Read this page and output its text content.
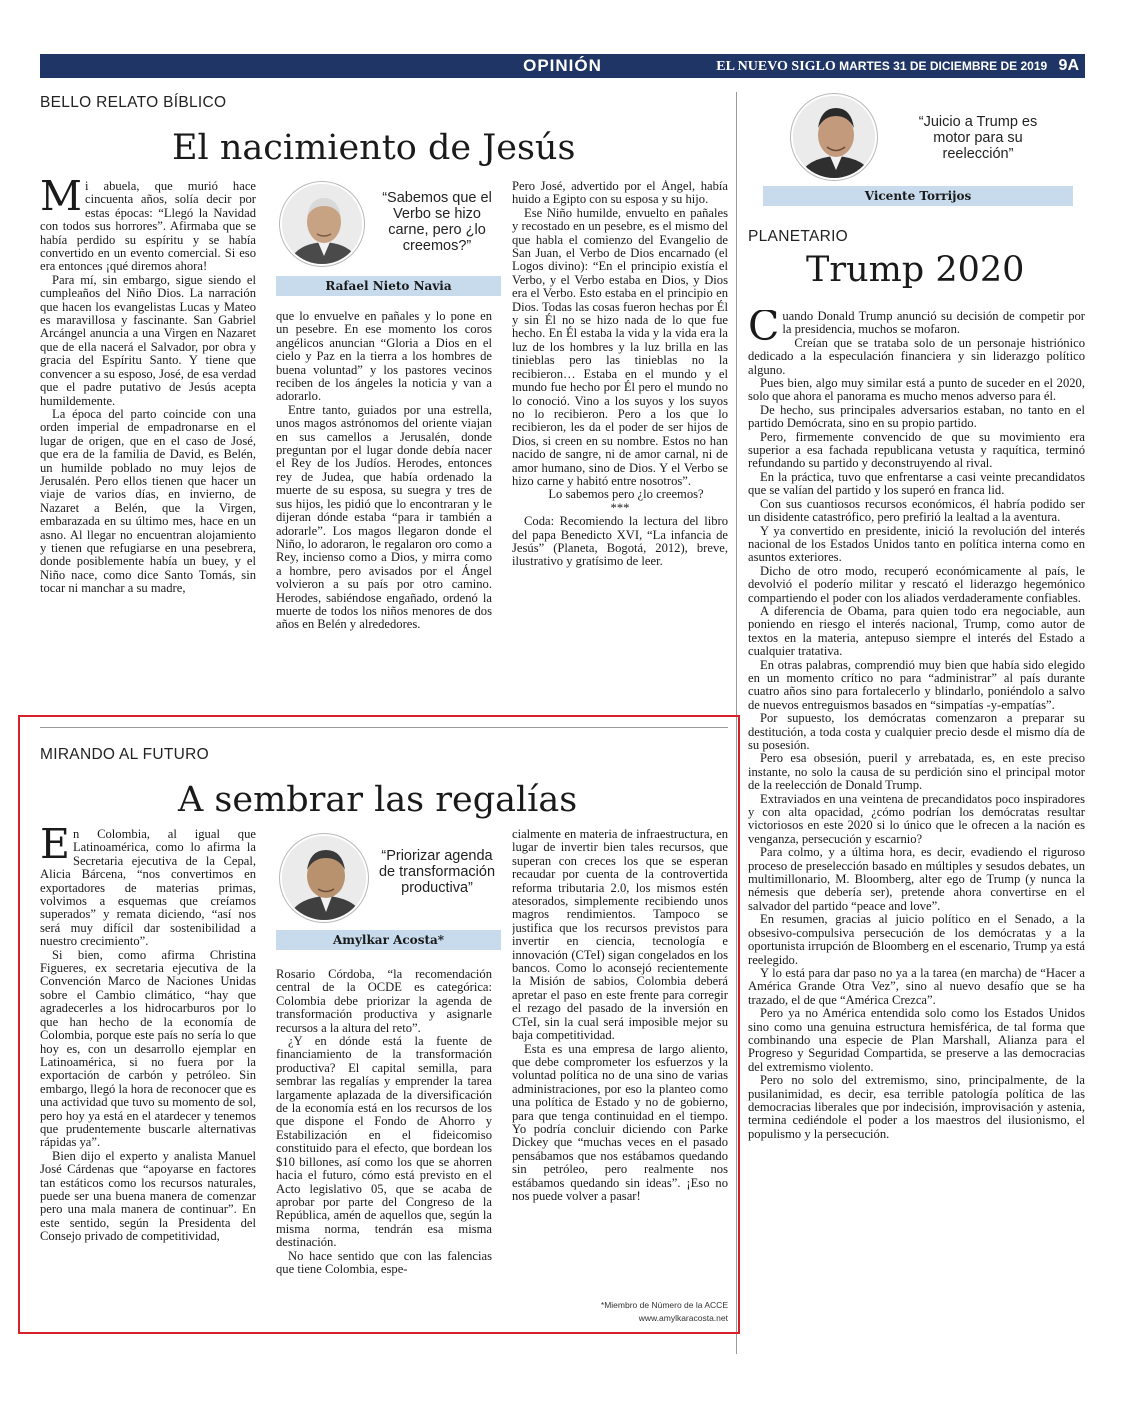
OPINIÓN	EL NUEVO SIGLO MARTES 31 DE DICIEMBRE DE 2019 9A
BELLO RELATO BÍBLICO
El nacimiento de Jesús

Mi abuela, que murió hace cincuenta años, solía decir por estas épocas: “Llegó la Navidad con todos sus horrores”. Afirmaba que se había perdido su espíritu y se había convertido en un evento comercial. Si eso era entonces ¡qué diremos ahora!

Para mí, sin embargo, sigue siendo el cumpleaños del Niño Dios. La narración que hacen los evangelistas Lucas y Mateo es maravillosa y fascinante. San Gabriel Arcángel anuncia a una Virgen en Nazaret que de ella nacerá el Salvador, por obra y gracia del Espíritu Santo. Y tiene que convencer a su esposo, José, de esa verdad que el padre putativo de Jesús acepta humildemente.

La época del parto coincide con una orden imperial de empadronarse en el lugar de origen, que en el caso de José, que era de la familia de David, es Belén, un humilde poblado no muy lejos de Jerusalén. Pero ellos tienen que hacer un viaje de varios días, en invierno, de Nazaret a Belén, que la Virgen, embarazada en su último mes, hace en un asno. Al llegar no encuentran alojamiento y tienen que refugiarse en una pesebrera, donde posiblemente había un buey, y el Niño nace, como dice Santo Tomás, sin tocar ni manchar a su madre,

“Sabemos que el Verbo se hizo carne, pero ¿lo creemos?”
Rafael Nieto Navia

que lo envuelve en pañales y lo pone en un pesebre. En ese momento los coros angélicos anuncian “Gloria a Dios en el cielo y Paz en la tierra a los hombres de buena voluntad” y los pastores vecinos reciben de los ángeles la noticia y van a adorarlo.

Entre tanto, guiados por una estrella, unos magos astrónomos del oriente viajan en sus camellos a Jerusalén, donde preguntan por el lugar donde debía nacer el Rey de los Judíos. Herodes, entonces rey de Judea, que había ordenado la muerte de su esposa, su suegra y tres de sus hijos, les pidió que lo encontraran y le dijeran dónde estaba “para ir también a adorarle”. Los magos llegaron donde el Niño, lo adoraron, le regalaron oro como a Rey, incienso como a Dios, y mirra como a hombre, pero avisados por el Ángel volvieron a su país por otro camino. Herodes, sabiéndose engañado, ordenó la muerte de todos los niños menores de dos años en Belén y alrededores.

Pero José, advertido por el Ángel, había huido a Egipto con su esposa y su hijo.

Ese Niño humilde, envuelto en pañales y recostado en un pesebre, es el mismo del que habla el comienzo del Evangelio de San Juan, el Verbo de Dios encarnado (el Logos divino): “En el principio existía el Verbo, y el Verbo estaba en Dios, y Dios era el Verbo. Esto estaba en el principio en Dios. Todas las cosas fueron hechas por Él y sin Él no se hizo nada de lo que fue hecho. En Él estaba la vida y la vida era la luz de los hombres y la luz brilla en las tinieblas pero las tinieblas no la recibieron… Estaba en el mundo y el mundo fue hecho por Él pero el mundo no lo conoció. Vino a los suyos y los suyos no lo recibieron. Pero a los que lo recibieron, les da el poder de ser hijos de Dios, si creen en su nombre. Estos no han nacido de sangre, ni de amor carnal, ni de amor humano, sino de Dios. Y el Verbo se hizo carne y habitó entre nosotros”.

Lo sabemos pero ¿lo creemos?

***

Coda: Recomiendo la lectura del libro del papa Benedicto XVI, “La infancia de Jesús” (Planeta, Bogotá, 2012), breve, ilustrativo y gratísimo de leer.

MIRANDO AL FUTURO
A sembrar las regalías

En Colombia, al igual que Latinoamérica, como lo afirma la Secretaria ejecutiva de la Cepal, Alicia Bárcena, “nos convertimos en exportadores de materias primas, volvimos a esquemas que creíamos superados” y remata diciendo, “así nos será muy difícil dar sostenibilidad a nuestro crecimiento”.

Si bien, como afirma Christina Figueres, ex secretaria ejecutiva de la Convención Marco de Naciones Unidas sobre el Cambio climático, “hay que agradecerles a los hidrocarburos por lo que han hecho de la economía de Colombia, porque este país no sería lo que hoy es, con un desarrollo ejemplar en Latinoamérica, si no fuera por la exportación de carbón y petróleo. Sin embargo, llegó la hora de reconocer que es una actividad que tuvo su momento de sol, pero hoy ya está en el atardecer y tenemos que prudentemente buscarle alternativas rápidas ya”.

Bien dijo el experto y analista Manuel José Cárdenas que “apoyarse en factores tan estáticos como los recursos naturales, puede ser una buena manera de comenzar pero una mala manera de continuar”. En este sentido, según la Presidenta del Consejo privado de competitividad,

“Priorizar agenda de transformación productiva”
Amylkar Acosta*

Rosario Córdoba, “la recomendación central de la OCDE es categórica: Colombia debe priorizar la agenda de transformación productiva y asignarle recursos a la altura del reto”.

¿Y en dónde está la fuente de financiamiento de la transformación productiva? El capital semilla, para sembrar las regalías y emprender la tarea largamente aplazada de la diversificación de la economía está en los recursos de los que dispone el Fondo de Ahorro y Estabilización en el fideicomiso constituido para el efecto, que bordean los $10 billones, así como los que se ahorren hacia el futuro, cómo está previsto en el Acto legislativo 05, que se acaba de aprobar por parte del Congreso de la República, amén de aquellos que, según la misma norma, tendrán esa misma destinación.

No hace sentido que con las falencias que tiene Colombia, espe-

cialmente en materia de infraestructura, en lugar de invertir bien tales recursos, que superan con creces los que se esperan recaudar por cuenta de la controvertida reforma tributaria 2.0, los mismos estén atesorados, simplemente recibiendo unos magros rendimientos. Tampoco se justifica que los recursos previstos para invertir en ciencia, tecnología e innovación (CTeI) sigan congelados en los bancos. Como lo aconsejó recientemente la Misión de sabios, Colombia deberá apretar el paso en este frente para corregir el rezago del pasado de la inversión en CTeI, sin la cual será imposible mejor su baja competitividad.

Esta es una empresa de largo aliento, que debe comprometer los esfuerzos y la voluntad política no de una sino de varias administraciones, por eso la planteo como una política de Estado y no de gobierno, para que tenga continuidad en el tiempo. Yo podría concluir diciendo con Parke Dickey que “muchas veces en el pasado pensábamos que nos estábamos quedando sin petróleo, pero realmente nos estábamos quedando sin ideas”. ¡Eso no nos puede volver a pasar!

*Miembro de Número de la ACCE
www.amylkaracosta.net
“Juicio a Trump es motor para su reelección”
Vicente Torrijos
PLANETARIO
Trump 2020

Cuando Donald Trump anunció su decisión de competir por la presidencia, muchos se mofaron.

Creían que se trataba solo de un personaje histriónico dedicado a la especulación financiera y sin liderazgo político alguno.

Pues bien, algo muy similar está a punto de suceder en el 2020, solo que ahora el panorama es mucho menos adverso para él.

De hecho, sus principales adversarios estaban, no tanto en el partido Demócrata, sino en su propio partido.

Pero, firmemente convencido de que su movimiento era superior a esa fachada republicana vetusta y raquítica, terminó refundando su partido y deconstruyendo al rival.

En la práctica, tuvo que enfrentarse a casi veinte precandidatos que se valían del partido y los superó en franca lid.

Con sus cuantiosos recursos económicos, él habría podido ser un disidente catastrófico, pero prefirió la lealtad a la aventura.

Y ya convertido en presidente, inició la revolución del interés nacional de los Estados Unidos tanto en política interna como en asuntos exteriores.

Dicho de otro modo, recuperó económicamente al país, le devolvió el poderío militar y rescató el liderazgo hegemónico compartiendo el poder con los aliados verdaderamente confiables.

A diferencia de Obama, para quien todo era negociable, aun poniendo en riesgo el interés nacional, Trump, como autor de textos en la materia, antepuso siempre el interés del Estado a cualquier tratativa.

En otras palabras, comprendió muy bien que había sido elegido en un momento crítico no para “administrar” al país durante cuatro años sino para fortalecerlo y blindarlo, poniéndolo a salvo de nuevos entreguismos basados en “simpatías -y-empatías”.

Por supuesto, los demócratas comenzaron a preparar su destitución, a toda costa y cualquier precio desde el mismo día de su posesión.

Pero esa obsesión, pueril y arrebatada, es, en este preciso instante, no solo la causa de su perdición sino el principal motor de la reelección de Donald Trump.

Extraviados en una veintena de precandidatos poco inspiradores y con alta opacidad, ¿cómo podrían los demócratas resultar victoriosos en este 2020 si lo único que le ofrecen a la nación es venganza, persecución y escarnio?

Para colmo, y a última hora, es decir, evadiendo el riguroso proceso de preselección basado en múltiples y sesudos debates, un multimillonario, M. Bloomberg, alter ego de Trump (y nunca la némesis que debería ser), pretende ahora convertirse en el salvador del partido “peace and love”.

En resumen, gracias al juicio político en el Senado, a la obsesivo-compulsiva persecución de los demócratas y a la oportunista irrupción de Bloomberg en el escenario, Trump ya está reelegido.

Y lo está para dar paso no ya a la tarea (en marcha) de “Hacer a América Grande Otra Vez”, sino al nuevo desafío que se ha trazado, el de que “América Crezca”.

Pero ya no América entendida solo como los Estados Unidos sino como una genuina estructura hemisférica, de tal forma que combinando una especie de Plan Marshall, Alianza para el Progreso y Seguridad Compartida, se preserve a las democracias del extremismo violento.

Pero no solo del extremismo, sino, principalmente, de la pusilanimidad, es decir, esa terrible patología política de las democracias liberales que por indecisión, improvisación y astenia, termina cediéndole el poder a los maestros del ilusionismo, el populismo y la persecución.
